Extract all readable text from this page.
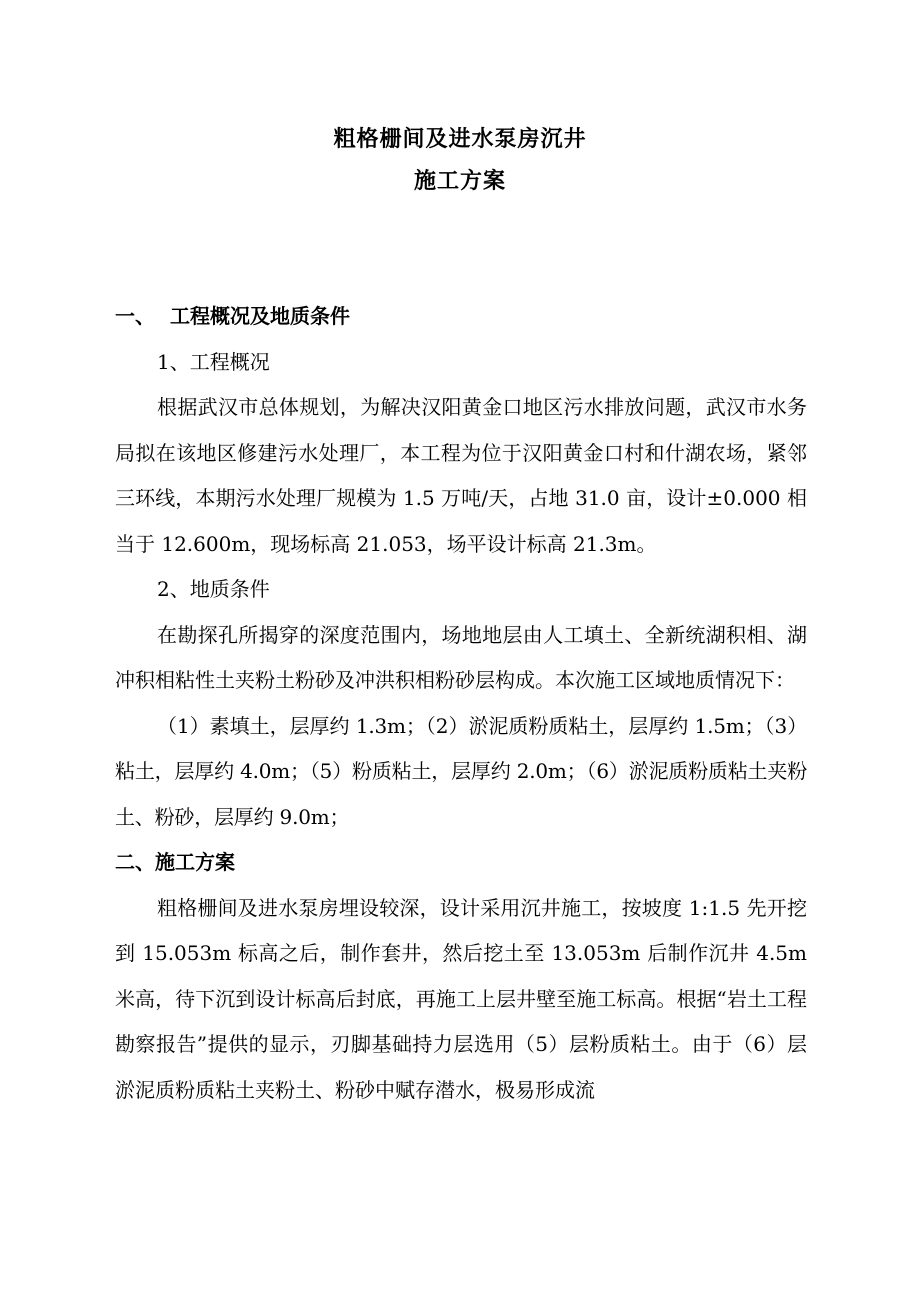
粗格栅间及进水泵房沉井
施工方案

一、 工程概况及地质条件

1、工程概况

根据武汉市总体规划，为解决汉阳黄金口地区污水排放问题，武汉市水务局拟在该地区修建污水处理厂，本工程为位于汉阳黄金口村和什湖农场，紧邻三环线，本期污水处理厂规模为 1.5 万吨/天，占地 31.0 亩，设计±0.000 相当于 12.600m，现场标高 21.053，场平设计标高 21.3m。

2、地质条件

在勘探孔所揭穿的深度范围内，场地地层由人工填土、全新统湖积相、湖冲积相粘性土夹粉土粉砂及冲洪积相粉砂层构成。本次施工区域地质情况下：

（1）素填土，层厚约 1.3m；（2）淤泥质粉质粘土，层厚约 1.5m；（3）粘土，层厚约 4.0m；（5）粉质粘土，层厚约 2.0m；（6）淤泥质粉质粘土夹粉土、粉砂，层厚约 9.0m；

二、施工方案

粗格栅间及进水泵房埋设较深，设计采用沉井施工，按坡度 1:1.5 先开挖到 15.053m 标高之后，制作套井，然后挖土至 13.053m 后制作沉井 4.5m 米高，待下沉到设计标高后封底，再施工上层井壁至施工标高。根据“岩土工程勘察报告”提供的显示，刃脚基础持力层选用（5）层粉质粘土。由于（6）层淤泥质粉质粘土夹粉土、粉砂中赋存潜水，极易形成流
